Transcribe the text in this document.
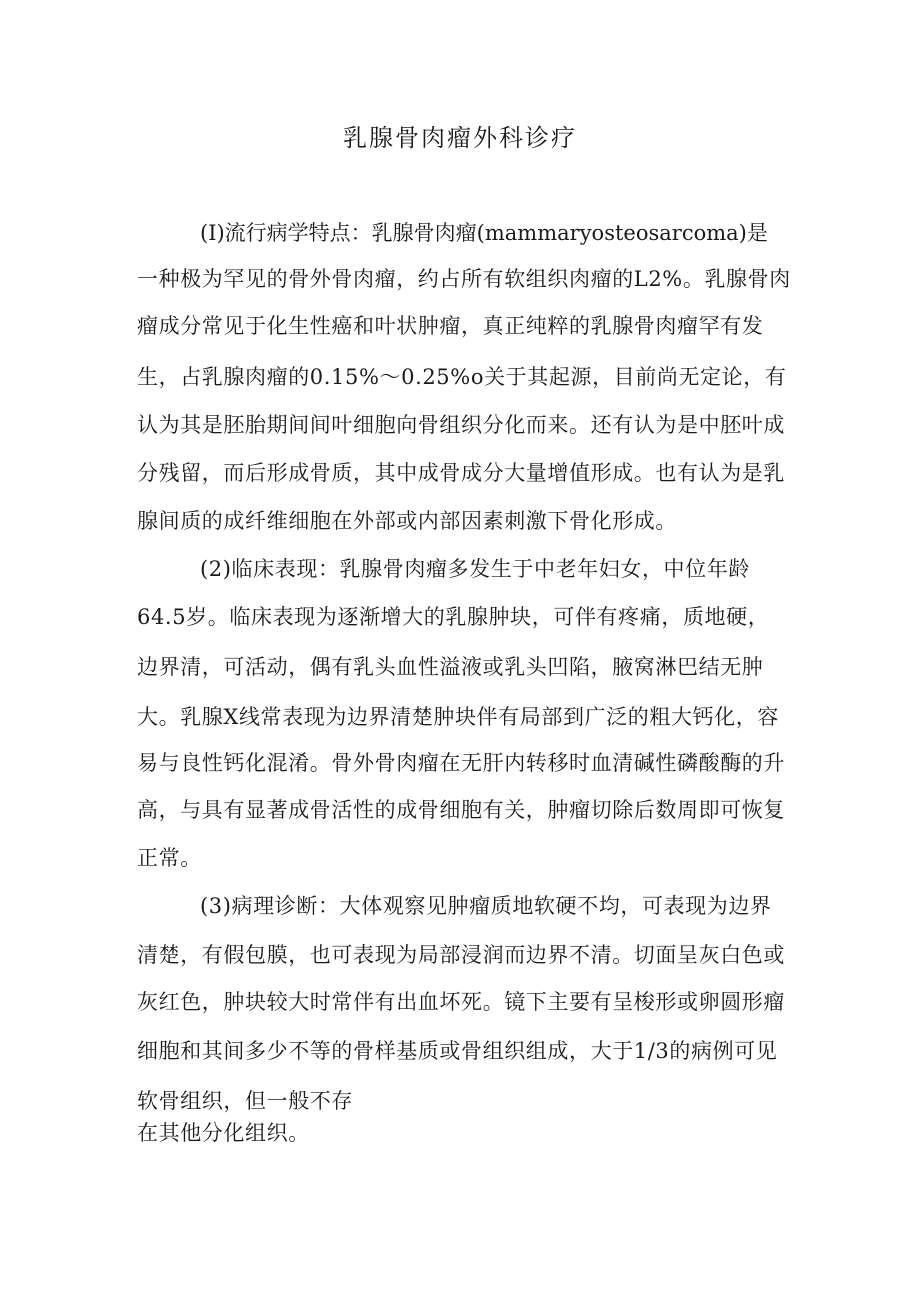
乳腺骨肉瘤外科诊疗
(I)流行病学特点：乳腺骨肉瘤(mammaryosteosarcoma)是
一种极为罕见的骨外骨肉瘤，约占所有软组织肉瘤的L2%。乳腺骨肉
瘤成分常见于化生性癌和叶状肿瘤，真正纯粹的乳腺骨肉瘤罕有发
生，占乳腺肉瘤的0.15%～0.25%o关于其起源，目前尚无定论，有
认为其是胚胎期间间叶细胞向骨组织分化而来。还有认为是中胚叶成
分残留，而后形成骨质，其中成骨成分大量增值形成。也有认为是乳
腺间质的成纤维细胞在外部或内部因素刺激下骨化形成。
(2)临床表现：乳腺骨肉瘤多发生于中老年妇女，中位年龄
64.5岁。临床表现为逐渐增大的乳腺肿块，可伴有疼痛，质地硬，
边界清，可活动，偶有乳头血性溢液或乳头凹陷，腋窝淋巴结无肿
大。乳腺X线常表现为边界清楚肿块伴有局部到广泛的粗大钙化，容
易与良性钙化混淆。骨外骨肉瘤在无肝内转移时血清碱性磷酸酶的升
高，与具有显著成骨活性的成骨细胞有关，肿瘤切除后数周即可恢复
正常。
(3)病理诊断：大体观察见肿瘤质地软硬不均，可表现为边界
清楚，有假包膜，也可表现为局部浸润而边界不清。切面呈灰白色或
灰红色，肿块较大时常伴有出血坏死。镜下主要有呈梭形或卵圆形瘤
细胞和其间多少不等的骨样基质或骨组织组成，大于1/3的病例可见
软骨组织，但一般不存
在其他分化组织。
